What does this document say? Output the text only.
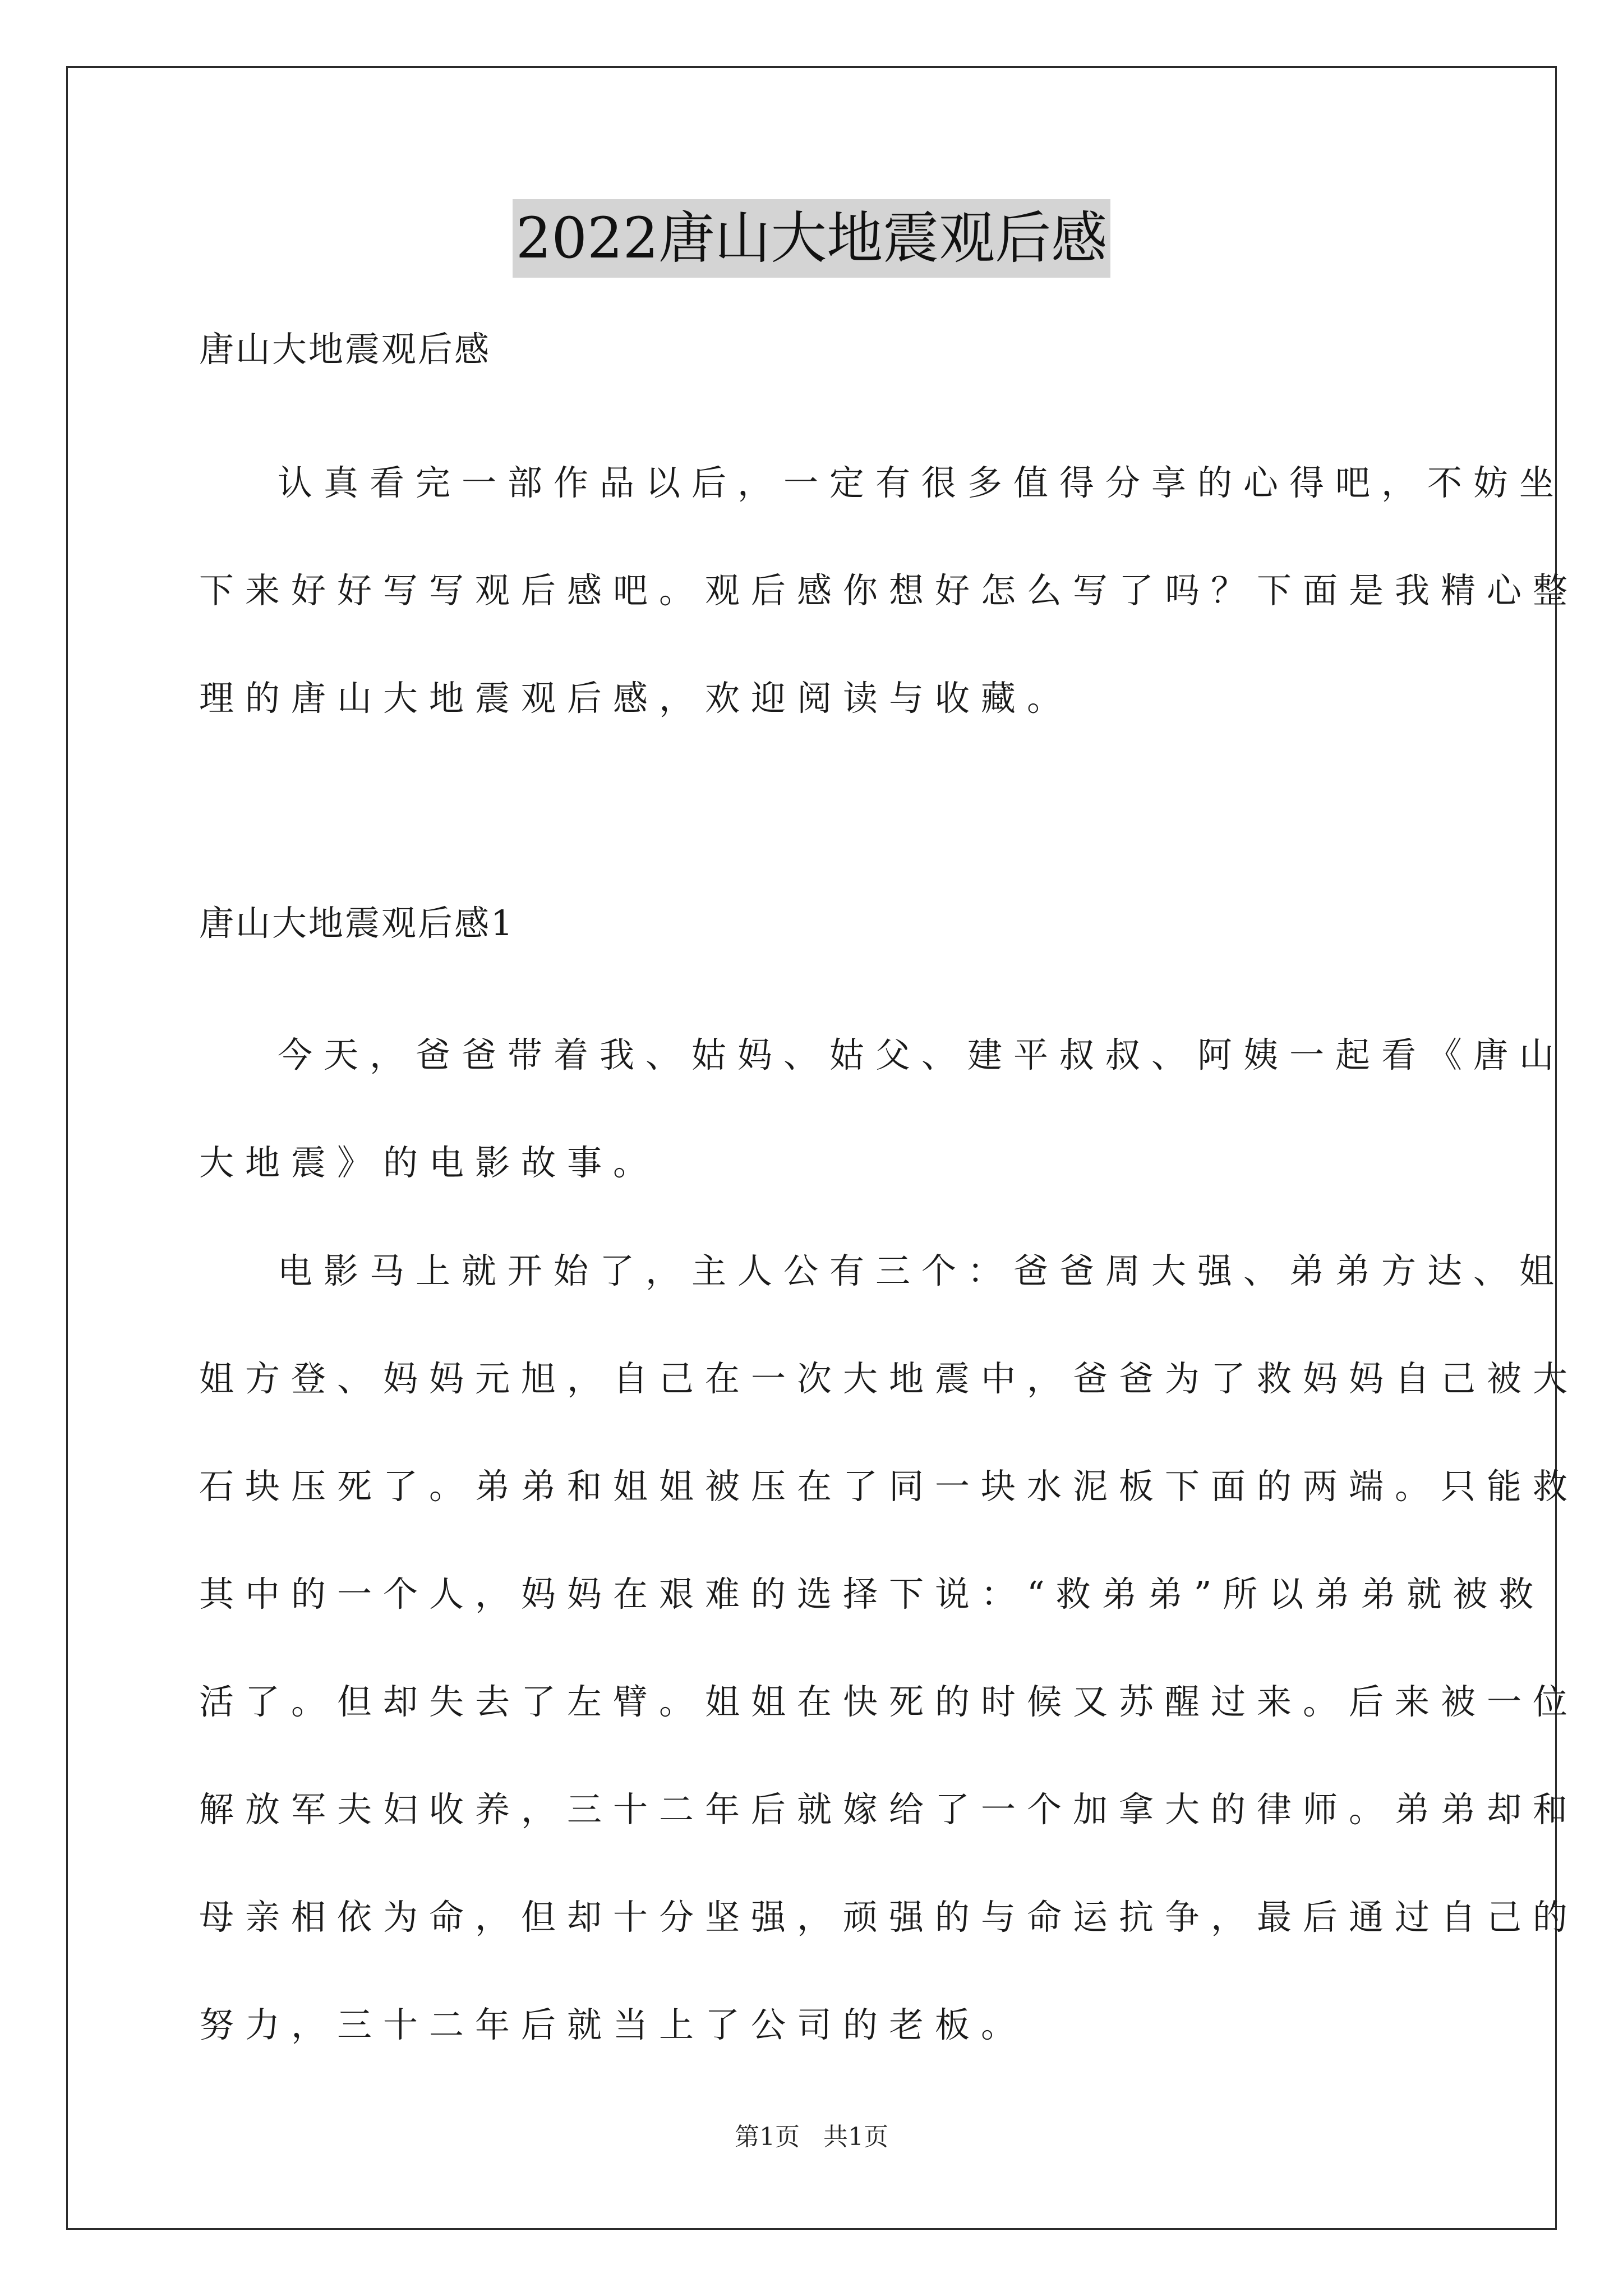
2022唐山大地震观后感
唐山大地震观后感
认真看完一部作品以后，一定有很多值得分享的心得吧，不妨坐
下来好好写写观后感吧。观后感你想好怎么写了吗？下面是我精心整
理的唐山大地震观后感，欢迎阅读与收藏。
唐山大地震观后感1
今天，爸爸带着我、姑妈、姑父、建平叔叔、阿姨一起看《唐山
大地震》的电影故事。
电影马上就开始了，主人公有三个：爸爸周大强、弟弟方达、姐
姐方登、妈妈元旭，自己在一次大地震中，爸爸为了救妈妈自己被大
石块压死了。弟弟和姐姐被压在了同一块水泥板下面的两端。只能救
其中的一个人，妈妈在艰难的选择下说：“救弟弟”所以弟弟就被救
活了。但却失去了左臂。姐姐在快死的时候又苏醒过来。后来被一位
解放军夫妇收养，三十二年后就嫁给了一个加拿大的律师。弟弟却和
母亲相依为命，但却十分坚强，顽强的与命运抗争，最后通过自己的
努力，三十二年后就当上了公司的老板。
第1页   共1页
